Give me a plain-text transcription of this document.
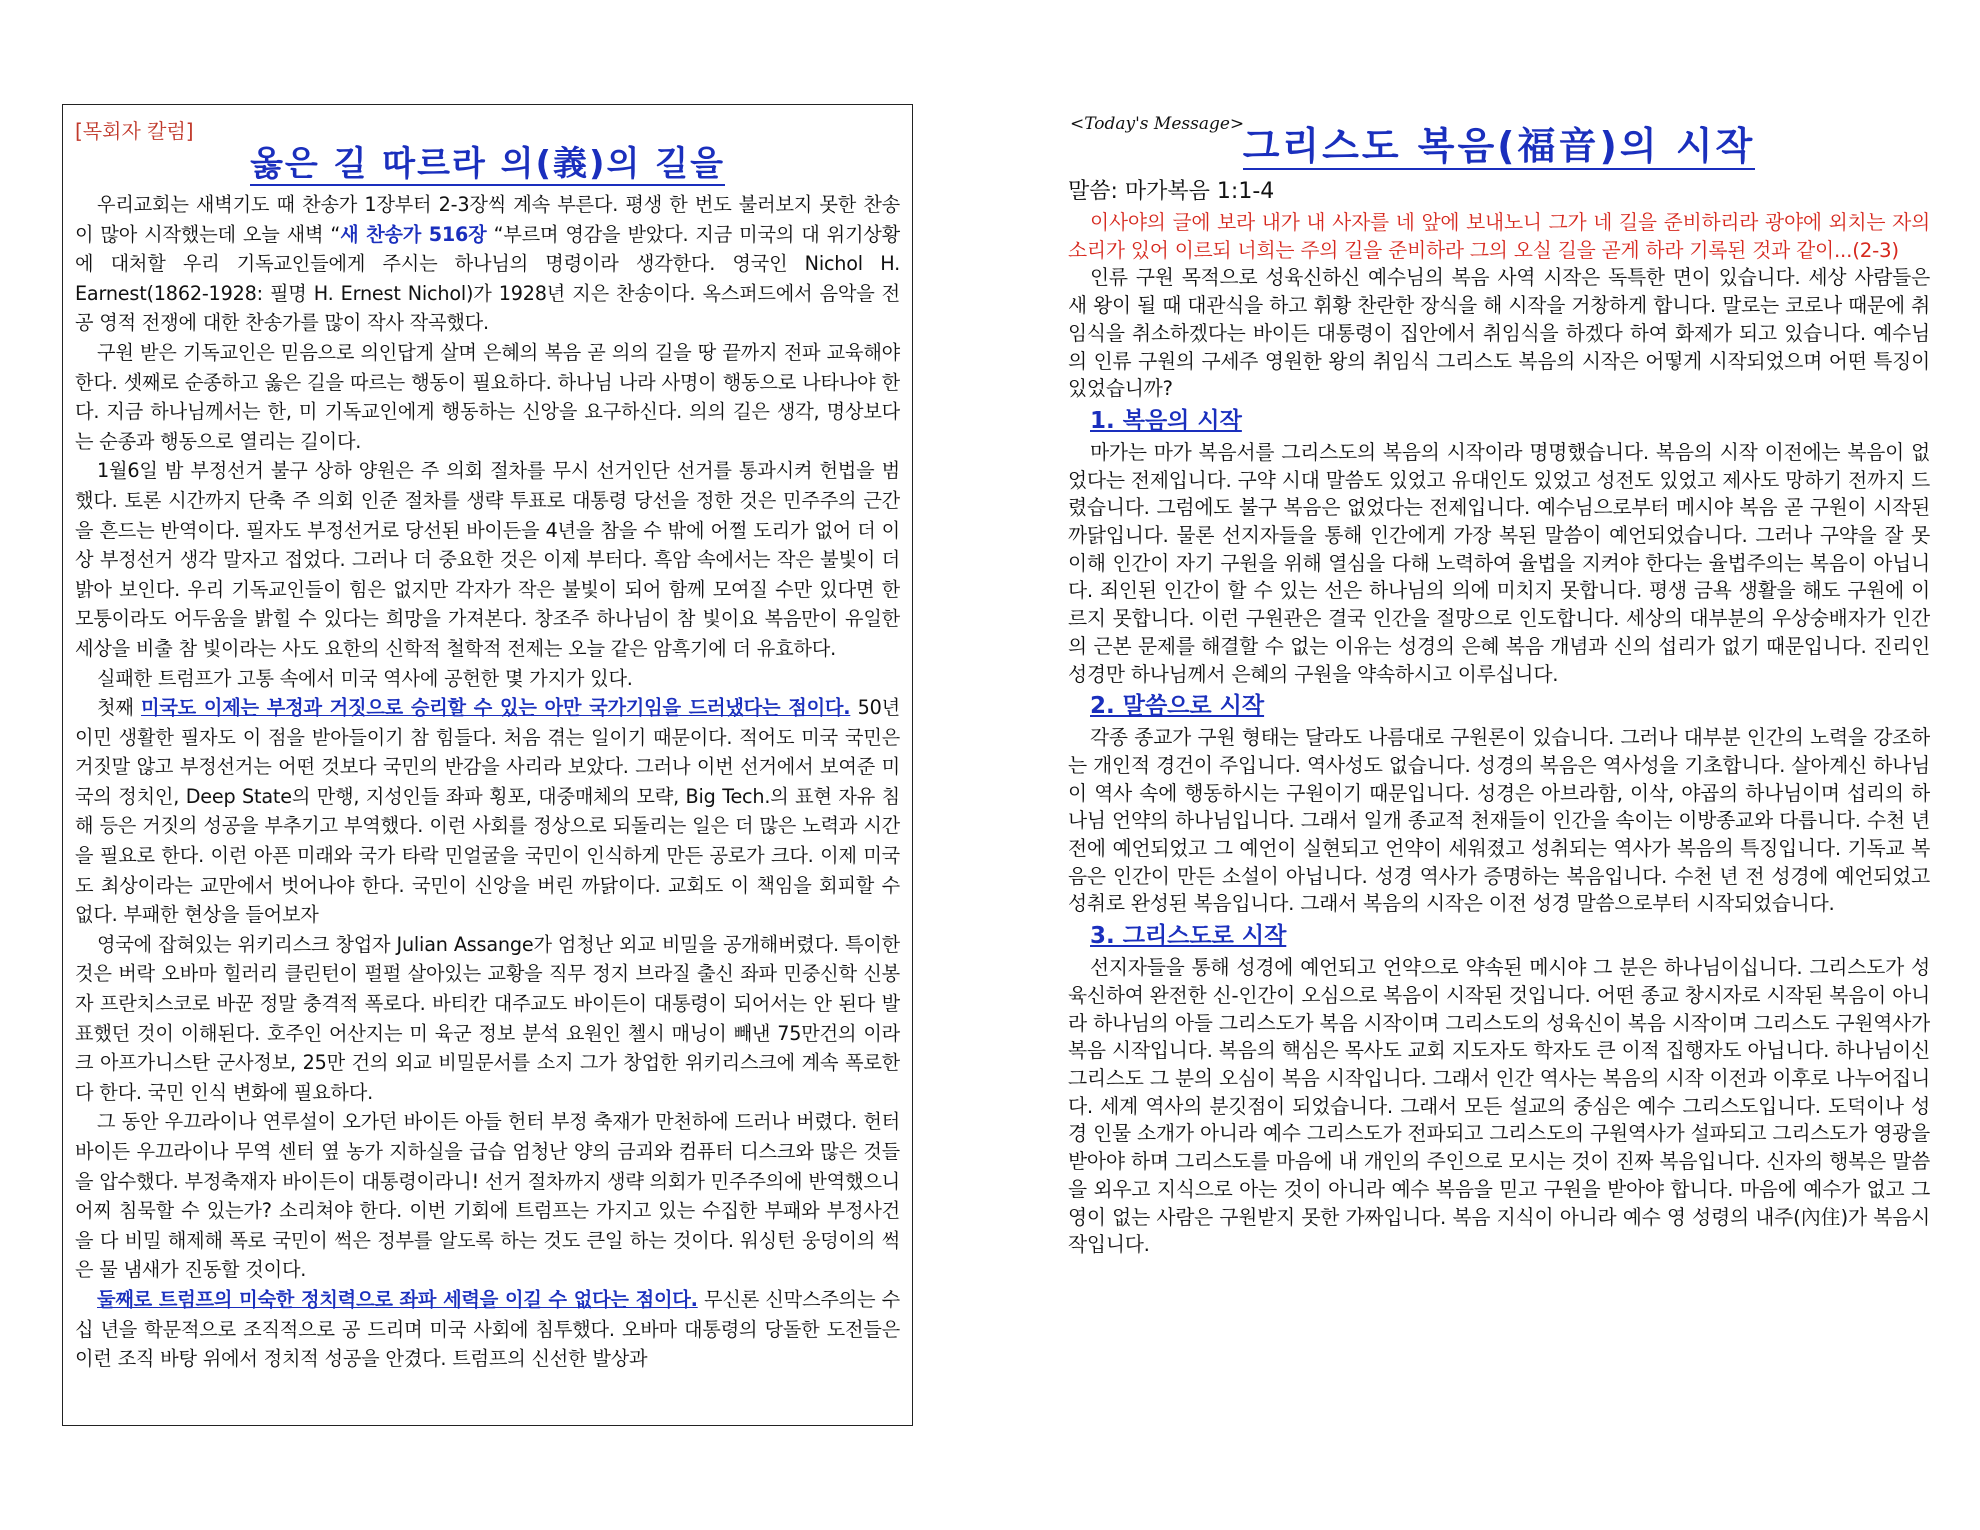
[목회자 칼럼]
옳은 길 따르라 의(義)의 길을

우리교회는 새벽기도 때 찬송가 1장부터 2-3장씩 계속 부른다. 평생 한 번도 불러보지 못한 찬송이 많아 시작했는데 오늘 새벽 “새 찬송가 516장 “부르며 영감을 받았다. 지금 미국의 대 위기상황에 대처할 우리 기독교인들에게 주시는 하나님의 명령이라 생각한다. 영국인 Nichol H. Earnest(1862-1928: 필명 H. Ernest Nichol)가 1928년 지은 찬송이다. 옥스퍼드에서 음악을 전공 영적 전쟁에 대한 찬송가를 많이 작사 작곡했다.

구원 받은 기독교인은 믿음으로 의인답게 살며 은혜의 복음 곧 의의 길을 땅 끝까지 전파 교육해야 한다. 셋째로 순종하고 옳은 길을 따르는 행동이 필요하다. 하나님 나라 사명이 행동으로 나타나야 한다. 지금 하나님께서는 한, 미 기독교인에게 행동하는 신앙을 요구하신다. 의의 길은 생각, 명상보다는 순종과 행동으로 열리는 길이다.

1월6일 밤 부정선거 불구 상하 양원은 주 의회 절차를 무시 선거인단 선거를 통과시켜 헌법을 범했다. 토론 시간까지 단축 주 의회 인준 절차를 생략 투표로 대통령 당선을 정한 것은 민주주의 근간을 흔드는 반역이다. 필자도 부정선거로 당선된 바이든을 4년을 참을 수 밖에 어쩔 도리가 없어 더 이상 부정선거 생각 말자고 접었다. 그러나 더 중요한 것은 이제 부터다. 흑암 속에서는 작은 불빛이 더 밝아 보인다. 우리 기독교인들이 힘은 없지만 각자가 작은 불빛이 되어 함께 모여질 수만 있다면 한 모퉁이라도 어두움을 밝힐 수 있다는 희망을 가져본다. 창조주 하나님이 참 빛이요 복음만이 유일한 세상을 비출 참 빛이라는 사도 요한의 신학적 철학적 전제는 오늘 같은 암흑기에 더 유효하다.

실패한 트럼프가 고통 속에서 미국 역사에 공헌한 몇 가지가 있다.

첫째 미국도 이제는 부정과 거짓으로 승리할 수 있는 아만 국가기임을 드러냈다는 점이다. 50년 이민 생활한 필자도 이 점을 받아들이기 참 힘들다. 처음 겪는 일이기 때문이다. 적어도 미국 국민은 거짓말 않고 부정선거는 어떤 것보다 국민의 반감을 사리라 보았다. 그러나 이번 선거에서 보여준 미국의 정치인, Deep State의 만행, 지성인들 좌파 횡포, 대중매체의 모략, Big Tech.의 표현 자유 침해 등은 거짓의 성공을 부추기고 부역했다. 이런 사회를 정상으로 되돌리는 일은 더 많은 노력과 시간을 필요로 한다. 이런 아픈 미래와 국가 타락 민얼굴을 국민이 인식하게 만든 공로가 크다. 이제 미국도 최상이라는 교만에서 벗어나야 한다. 국민이 신앙을 버린 까닭이다. 교회도 이 책임을 회피할 수 없다. 부패한 현상을 들어보자

영국에 잡혀있는 위키리스크 창업자 Julian Assange가 엄청난 외교 비밀을 공개해버렸다. 특이한 것은 버락 오바마 힐러리 클린턴이 펄펄 살아있는 교황을 직무 정지 브라질 출신 좌파 민중신학 신봉자 프란치스코로 바꾼 정말 충격적 폭로다. 바티칸 대주교도 바이든이 대통령이 되어서는 안 된다 발표했던 것이 이해된다. 호주인 어산지는 미 육군 정보 분석 요원인 첼시 매닝이 빼낸 75만건의 이라크 아프가니스탄 군사정보, 25만 건의 외교 비밀문서를 소지 그가 창업한 위키리스크에 계속 폭로한다 한다. 국민 인식 변화에 필요하다.

그 동안 우끄라이나 연루설이 오가던 바이든 아들 헌터 부정 축재가 만천하에 드러나 버렸다. 헌터 바이든 우끄라이나 무역 센터 옆 농가 지하실을 급습 엄청난 양의 금괴와 컴퓨터 디스크와 많은 것들을 압수했다. 부정축재자 바이든이 대통령이라니! 선거 절차까지 생략 의회가 민주주의에 반역했으니 어찌 침묵할 수 있는가? 소리쳐야 한다. 이번 기회에 트럼프는 가지고 있는 수집한 부패와 부정사건을 다 비밀 해제해 폭로 국민이 썩은 정부를 알도록 하는 것도 큰일 하는 것이다. 워싱턴 웅덩이의 썩은 물 냄새가 진동할 것이다.

둘째로 트럼프의 미숙한 정치력으로 좌파 세력을 이길 수 없다는 점이다. 무신론 신막스주의는 수십 년을 학문적으로 조직적으로 공 드리며 미국 사회에 침투했다. 오바마 대통령의 당돌한 도전들은 이런 조직 바탕 위에서 정치적 성공을 안겼다. 트럼프의 신선한 발상과

<Today's Message>
그리스도 복음(福音)의 시작
말씀: 마가복음 1:1-4

이사야의 글에 보라 내가 내 사자를 네 앞에 보내노니 그가 네 길을 준비하리라 광야에 외치는 자의 소리가 있어 이르되 너희는 주의 길을 준비하라 그의 오실 길을 곧게 하라 기록된 것과 같이...(2-3)

인류 구원 목적으로 성육신하신 예수님의 복음 사역 시작은 독특한 면이 있습니다. 세상 사람들은 새 왕이 될 때 대관식을 하고 휘황 찬란한 장식을 해 시작을 거창하게 합니다. 말로는 코로나 때문에 취임식을 취소하겠다는 바이든 대통령이 집안에서 취임식을 하겠다 하여 화제가 되고 있습니다. 예수님의 인류 구원의 구세주 영원한 왕의 취임식 그리스도 복음의 시작은 어떻게 시작되었으며 어떤 특징이 있었습니까?

1. 복음의 시작

마가는 마가 복음서를 그리스도의 복음의 시작이라 명명했습니다. 복음의 시작 이전에는 복음이 없었다는 전제입니다. 구약 시대 말씀도 있었고 유대인도 있었고 성전도 있었고 제사도 망하기 전까지 드렸습니다. 그럼에도 불구 복음은 없었다는 전제입니다. 예수님으로부터 메시야 복음 곧 구원이 시작된 까닭입니다. 물론 선지자들을 통해 인간에게 가장 복된 말씀이 예언되었습니다. 그러나 구약을 잘 못 이해 인간이 자기 구원을 위해 열심을 다해 노력하여 율법을 지켜야 한다는 율법주의는 복음이 아닙니다. 죄인된 인간이 할 수 있는 선은 하나님의 의에 미치지 못합니다. 평생 금욕 생활을 해도 구원에 이르지 못합니다. 이런 구원관은 결국 인간을 절망으로 인도합니다. 세상의 대부분의 우상숭배자가 인간의 근본 문제를 해결할 수 없는 이유는 성경의 은혜 복음 개념과 신의 섭리가 없기 때문입니다. 진리인 성경만 하나님께서 은혜의 구원을 약속하시고 이루십니다.

2. 말씀으로 시작

각종 종교가 구원 형태는 달라도 나름대로 구원론이 있습니다. 그러나 대부분 인간의 노력을 강조하는 개인적 경건이 주입니다. 역사성도 없습니다. 성경의 복음은 역사성을 기초합니다. 살아계신 하나님이 역사 속에 행동하시는 구원이기 때문입니다. 성경은 아브라함, 이삭, 야곱의 하나님이며 섭리의 하나님 언약의 하나님입니다. 그래서 일개 종교적 천재들이 인간을 속이는 이방종교와 다릅니다. 수천 년 전에 예언되었고 그 예언이 실현되고 언약이 세워졌고 성취되는 역사가 복음의 특징입니다. 기독교 복음은 인간이 만든 소설이 아닙니다. 성경 역사가 증명하는 복음입니다. 수천 년 전 성경에 예언되었고 성취로 완성된 복음입니다. 그래서 복음의 시작은 이전 성경 말씀으로부터 시작되었습니다.

3. 그리스도로 시작

선지자들을 통해 성경에 예언되고 언약으로 약속된 메시야 그 분은 하나님이십니다. 그리스도가 성육신하여 완전한 신-인간이 오심으로 복음이 시작된 것입니다. 어떤 종교 창시자로 시작된 복음이 아니라 하나님의 아들 그리스도가 복음 시작이며 그리스도의 성육신이 복음 시작이며 그리스도 구원역사가 복음 시작입니다. 복음의 핵심은 목사도 교회 지도자도 학자도 큰 이적 집행자도 아닙니다. 하나님이신 그리스도 그 분의 오심이 복음 시작입니다. 그래서 인간 역사는 복음의 시작 이전과 이후로 나누어집니다. 세계 역사의 분깃점이 되었습니다. 그래서 모든 설교의 중심은 예수 그리스도입니다. 도덕이나 성경 인물 소개가 아니라 예수 그리스도가 전파되고 그리스도의 구원역사가 설파되고 그리스도가 영광을 받아야 하며 그리스도를 마음에 내 개인의 주인으로 모시는 것이 진짜 복음입니다. 신자의 행복은 말씀을 외우고 지식으로 아는 것이 아니라 예수 복음을 믿고 구원을 받아야 합니다. 마음에 예수가 없고 그 영이 없는 사람은 구원받지 못한 가짜입니다. 복음 지식이 아니라 예수 영 성령의 내주(內住)가 복음시작입니다.
